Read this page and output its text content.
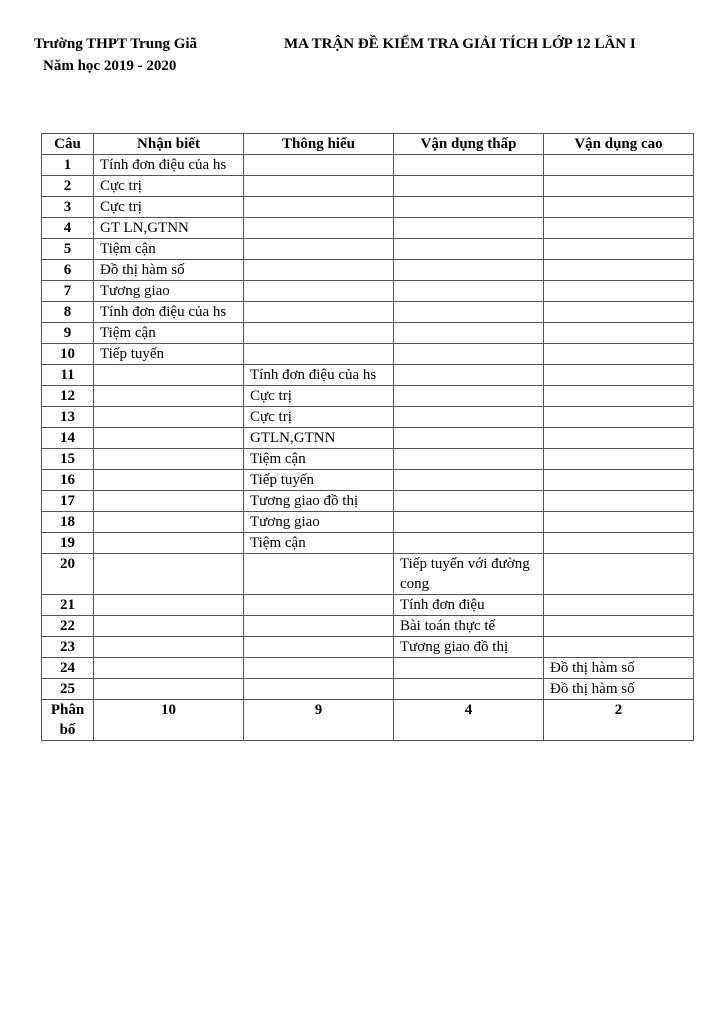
Trường THPT Trung Giã
Năm học 2019 - 2020
MA TRẬN ĐỀ KIỂM TRA GIẢI TÍCH LỚP 12 LẦN I
Câu	Nhận biết	Thông hiểu	Vận dụng thấp	Vận dụng cao
1	Tính đơn điệu của hs			
2	Cực trị			
3	Cực trị			
4	GT LN,GTNN			
5	Tiệm cận			
6	Đồ thị hàm số			
7	Tương giao			
8	Tính đơn điệu của hs			
9	Tiệm cận			
10	Tiếp tuyến			
11		Tính đơn điệu của hs		
12		Cực trị		
13		Cực trị		
14		GTLN,GTNN		
15		Tiệm cận		
16		Tiếp tuyến		
17		Tương giao đồ thị		
18		Tương giao		
19		Tiệm cận		
20			Tiếp tuyến với đường cong	
21			Tính đơn điệu	
22			Bài toán thực tế	
23			Tương giao đồ thị	
24				Đồ thị hàm số
25				Đồ thị hàm số
Phân bố	10	9	4	2
